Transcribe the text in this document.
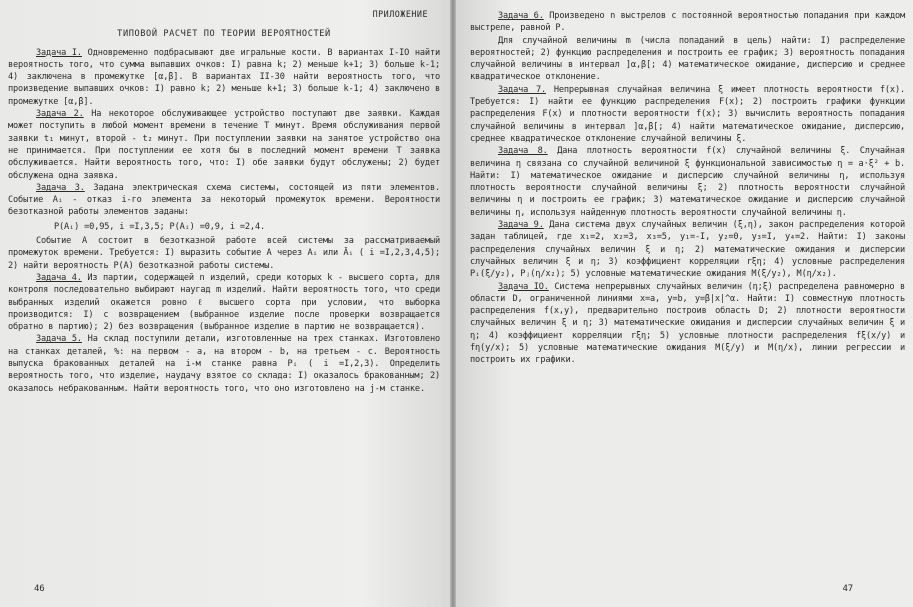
ПРИЛОЖЕНИЕ
ТИПОВОЙ РАСЧЕТ ПО ТЕОРИИ ВЕРОЯТНОСТЕЙ

Задача I. Одновременно подбрасывают две игральные кости. В вариантах I-IO найти вероятность того, что сумма выпавших очков: I) равна k; 2) меньше k+1; 3) больше k-1; 4) заключена в промежутке [α,β]. В вариантах II-30 найти вероятность того, что произведение выпавших очков: I) равно k; 2) меньше k+1; 3) больше k-1; 4) заключено в промежутке [α,β].

Задача 2. На некоторое обслуживающее устройство поступают две заявки. Каждая может поступить в любой момент времени в течение T минут. Время обслуживания первой заявки t₁ минут, второй - t₂ минут. При поступлении заявки на занятое устройство она не принимается. При поступлении ее хотя бы в последний момент времени T заявка обслуживается. Найти вероятность того, что: I) обе заявки будут обслужены; 2) будет обслужена одна заявка.

Задача 3. Задана электрическая схема системы, состоящей из пяти элементов. Событие Aᵢ - отказ i-го элемента за некоторый промежуток времени. Вероятности безотказной работы элементов заданы:
P(Aᵢ) =0,95, i =I,3,5; P(Aᵢ) =0,9, i =2,4.

Событие A состоит в безотказной работе всей системы за рассматриваемый промежуток времени. Требуется: I) выразить событие A через Aᵢ или Āᵢ ( i =I,2,3,4,5); 2) найти вероятность P(A) безотказной работы системы.

Задача 4. Из партии, содержащей n изделий, среди которых k - высшего сорта, для контроля последовательно выбирают наугад m изделий. Найти вероятность того, что среди выбранных изделий окажется ровно ℓ высшего сорта при условии, что выборка производится: I) с возвращением (выбранное изделие после проверки возвращается обратно в партию); 2) без возвращения (выбранное изделие в партию не возвращается).

Задача 5. На склад поступили детали, изготовленные на трех станках. Изготовлено на станках деталей, %: на первом - a, на втором - b, на третьем - c. Вероятность выпуска бракованных деталей на i-м станке равна Pᵢ ( i =I,2,3). Определить вероятность того, что изделие, наудачу взятое со склада: I) оказалось бракованным; 2) оказалось небракованным. Найти вероятность того, что оно изготовлено на j-м станке.

46

Задача 6. Произведено n выстрелов с постоянной вероятностью попадания при каждом выстреле, равной P.

Для случайной величины m (числа попаданий в цель) найти: I) распределение вероятностей; 2) функцию распределения и построить ее график; 3) вероятность попадания случайной величины в интервал ]α,β[; 4) математическое ожидание, дисперсию и среднее квадратическое отклонение.

Задача 7. Непрерывная случайная величина ξ имеет плотность вероятности f(x). Требуется: I) найти ее функцию распределения F(x); 2) построить графики функции распределения F(x) и плотности вероятности f(x); 3) вычислить вероятность попадания случайной величины в интервал ]α,β[; 4) найти математическое ожидание, дисперсию, среднее квадратическое отклонение случайной величины ξ.

Задача 8. Дана плотность вероятности f(x) случайной величины ξ. Случайная величина η связана со случайной величиной ξ функциональной зависимостью η = a·ξ² + b. Найти: I) математическое ожидание и дисперсию случайной величины η, используя плотность вероятности случайной величины ξ; 2) плотность вероятности случайной величины η и построить ее график; 3) математическое ожидание и дисперсию случайной величины η, используя найденную плотность вероятности случайной величины η.

Задача 9. Дана система двух случайных величин (ξ,η), закон распределения которой задан таблицей, где x₁=2, x₂=3, x₃=5, y₁=-I, y₂=0, y₃=I, y₄=2. Найти: I) законы распределения случайных величин ξ и η; 2) математические ожидания и дисперсии случайных величин ξ и η; 3) коэффициент корреляции rξη; 4) условные распределения Pᵢ(ξ/y₂), Pⱼ(η/x₂); 5) условные математические ожидания M(ξ/y₂), M(η/x₂).

Задача IO. Система непрерывных случайных величин (η;ξ) распределена равномерно в области D, ограниченной линиями x=a, y=b, y=β|x|^α. Найти: I) совместную плотность распределения f(x,y), предварительно построив область D; 2) плотности вероятности случайных величин ξ и η; 3) математические ожидания и дисперсии случайных величин ξ и η; 4) коэффициент корреляции rξη; 5) условные плотности распределения fξ(x/y) и fη(y/x); 5) условные математические ожидания M(ξ/y) и M(η/x), линии регрессии и построить их графики.

47
